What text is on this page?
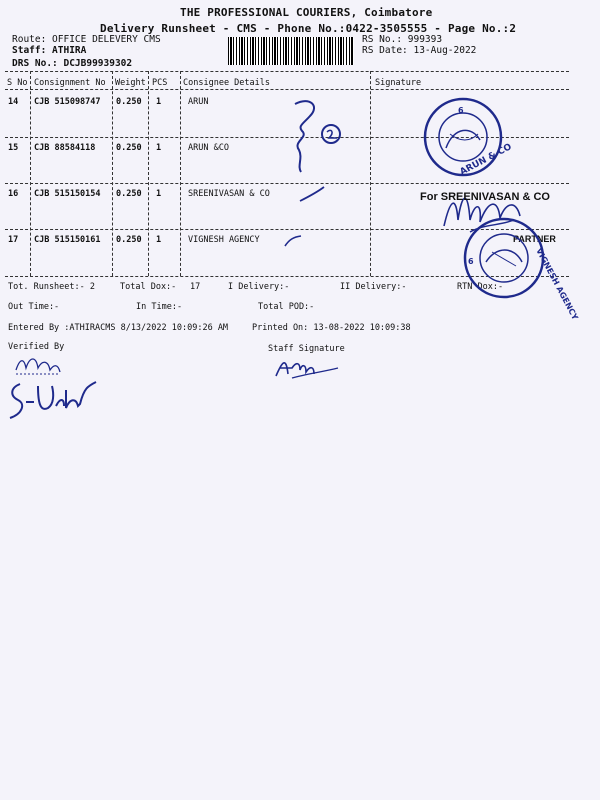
THE PROFESSIONAL COURIERS, Coimbatore
Delivery Runsheet - CMS - Phone No.:0422-3505555 - Page No.:2
Route: OFFICE DELEVERY CMS
Staff: ATHIRA
DRS No.: DCJB99939302
RS No.: 999393
RS Date: 13-Aug-2022
S No Consignment No Weight PCS Consignee Details	Signature
14 CJB 515098747 0.250 1	ARUN
15 CJB 88584118 0.250 1	ARUN &CO
16 CJB 515150154 0.250 1	SREENIVASAN & CO
17 CJB 515150161 0.250 1	VIGNESH AGENCY
Tot. Runsheet:- 2	Total Dox:- 17	I Delivery:-	II Delivery:-	RTN Dox:-
Out Time:-	In Time:-	Total POD:-
Entered By :ATHIRACMS 8/13/2022 10:09:26 AM	Printed On: 13-08-2022 10:09:38
Verified By	Staff Signature
6
ARUN & CO
For SREENIVASAN & CO
PARTNER
6	VIGNESH AGENCY
